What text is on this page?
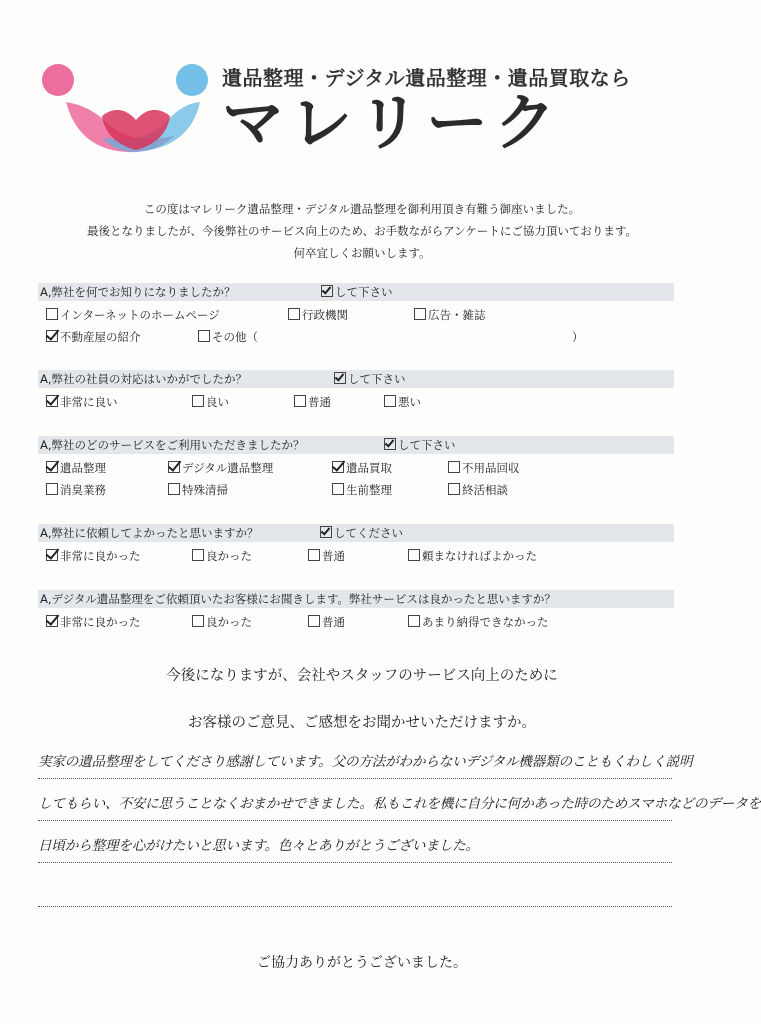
遺品整理・デジタル遺品整理・遺品買取なら
マレリーク
この度はマレリーク遺品整理・デジタル遺品整理を御利用頂き有難う御座いました。
最後となりましたが、今後弊社のサービス向上のため、お手数ながらアンケートにご協力頂いております。
何卒宜しくお願いします。
A,弊社を何でお知りになりましたか？	して下さい
インターネットのホームページ	行政機関	広告・雑誌
不動産屋の紹介	その他（	）
A,弊社の社員の対応はいかがでしたか？	して下さい
非常に良い	良い	普通	悪い
A,弊社のどのサービスをご利用いただきましたか？	して下さい
遺品整理	デジタル遺品整理	遺品買取	不用品回収
消臭業務	特殊清掃	生前整理	終活相談
A,弊社に依頼してよかったと思いますか？	してください
非常に良かった	良かった	普通	頼まなければよかった
A,デジタル遺品整理をご依頼頂いたお客様にお聞きします。弊社サービスは良かったと思いますか？
非常に良かった	良かった	普通	あまり納得できなかった
今後になりますが、会社やスタッフのサービス向上のために
お客様のご意見、ご感想をお聞かせいただけますか。
実家の遺品整理をしてくださり感謝しています。父の方法がわからないデジタル機器類のこともくわしく説明
してもらい、不安に思うことなくおまかせできました。私もこれを機に自分に何かあった時のためスマホなどのデータを
日頃から整理を心がけたいと思います。色々とありがとうございました。
ご協力ありがとうございました。
